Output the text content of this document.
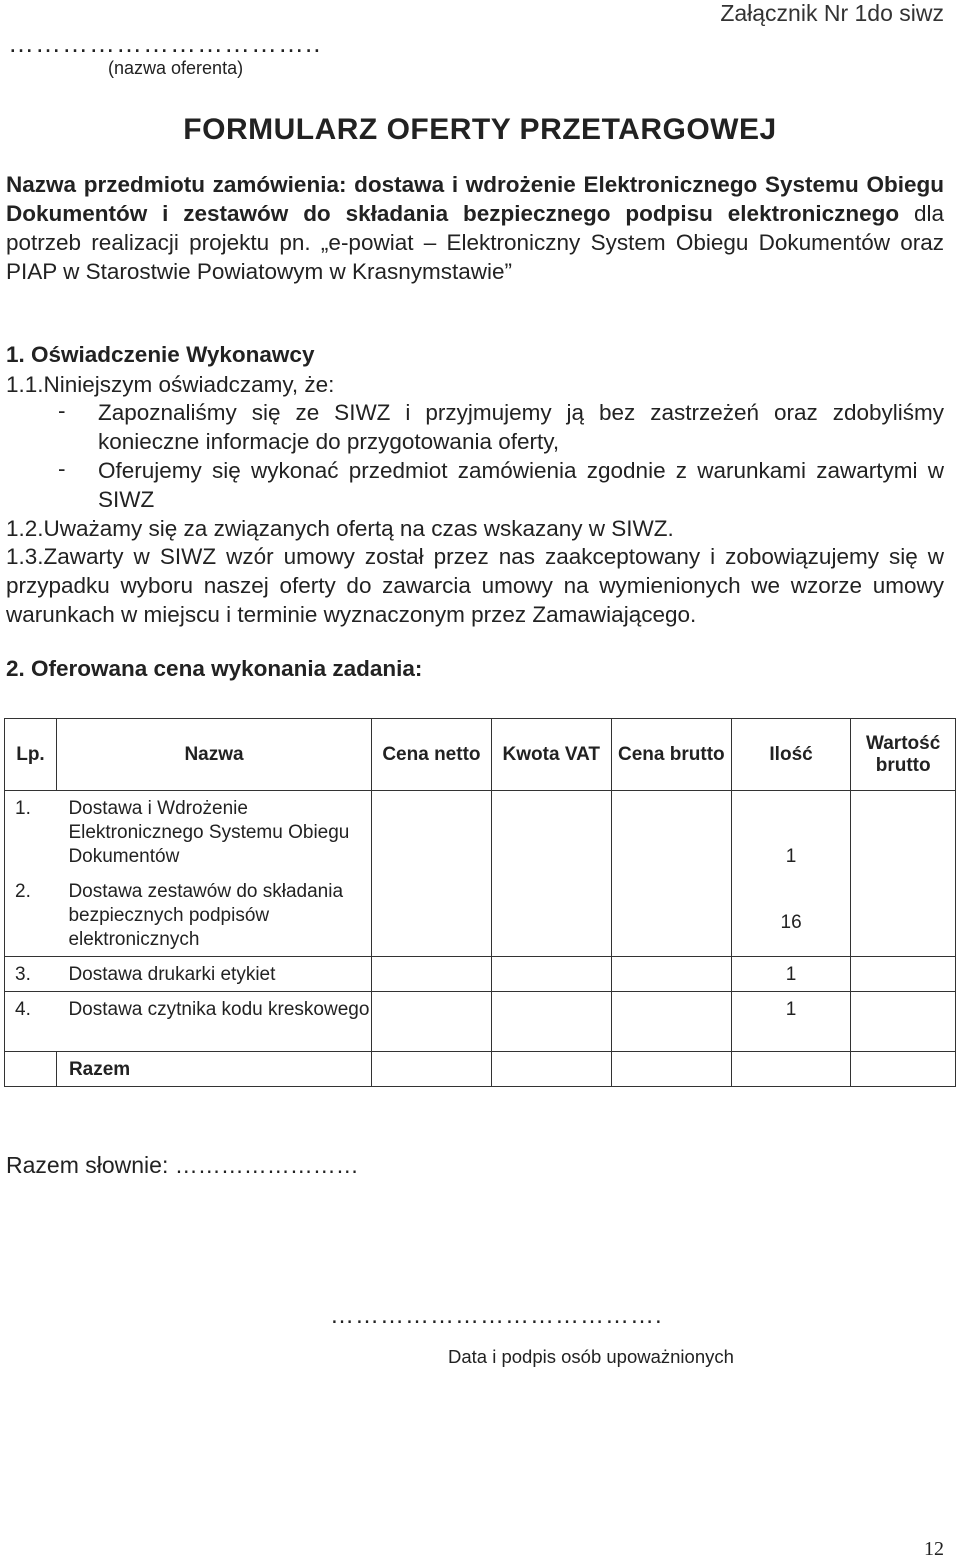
……………………………..
(nazwa oferenta)
Załącznik Nr 1do siwz
FORMULARZ OFERTY PRZETARGOWEJ
Nazwa przedmiotu zamówienia: dostawa i wdrożenie Elektronicznego Systemu Obiegu Dokumentów i zestawów do składania bezpiecznego podpisu elektronicznego dla potrzeb realizacji projektu pn. „e-powiat – Elektroniczny System Obiegu Dokumentów oraz PIAP w Starostwie Powiatowym w Krasnymstawie”
1. Oświadczenie Wykonawcy
1.1.Niniejszym oświadczamy, że:
- Zapoznaliśmy się ze SIWZ i przyjmujemy ją bez zastrzeżeń oraz zdobyliśmy konieczne informacje do przygotowania oferty,
- Oferujemy się wykonać przedmiot zamówienia zgodnie z warunkami zawartymi w SIWZ
1.2.Uważamy się za związanych ofertą na czas wskazany w SIWZ.
1.3.Zawarty w SIWZ wzór umowy został przez nas zaakceptowany i zobowiązujemy się w przypadku wyboru naszej oferty do zawarcia umowy na wymienionych we wzorze umowy warunkach w miejscu i terminie wyznaczonym przez Zamawiającego.
2. Oferowana cena wykonania zadania:
Lp.	Nazwa	Cena netto	Kwota VAT	Cena brutto	Ilość	Wartość brutto

1.	Dostawa i Wdrożenie Elektronicznego Systemu Obiegu Dokumentów				1	

2.	Dostawa zestawów do składania bezpiecznych podpisów elektronicznych				16	

3.	Dostawa drukarki etykiet				1	

4.	Dostawa czytnika kodu kreskowego				1	

	Razem					

Razem słownie: ……………………
………………………………….
Data i podpis osób upoważnionych
12
